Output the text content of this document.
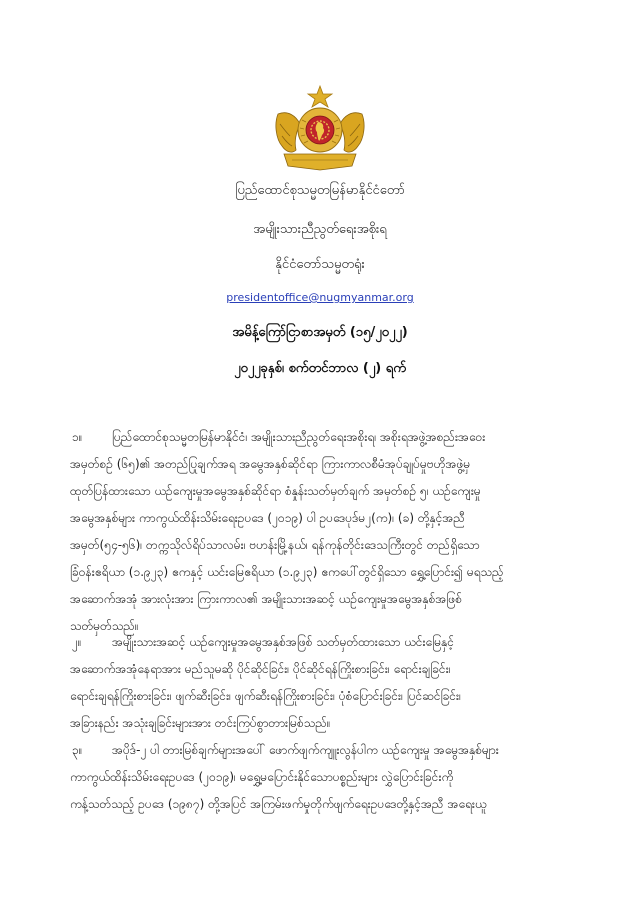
ပြည်ထောင်စုသမ္မတမြန်မာနိုင်ငံတော်
အမျိုးသားညီညွတ်ရေးအစိုးရ
နိုင်ငံတော်သမ္မတရုံး
presidentoffice@nugmyanmar.org
အမိန့်ကြော်ငြာစာအမှတ် (၁၅/၂၀၂၂)
၂၀၂၂ခုနှစ်၊ စက်တင်ဘာလ (၂) ရက်
၁။ ပြည်ထောင်စုသမ္မတမြန်မာနိုင်ငံ၊ အမျိုးသားညီညွတ်ရေးအစိုးရ၊ အစိုးရအဖွဲ့အစည်းအဝေး
အမှတ်စဉ် (၆၅)၏ အတည်ပြုချက်အရ အမွေအနှစ်ဆိုင်ရာ ကြားကာလစီမံအုပ်ချုပ်မှုဗဟိုအဖွဲ့မှ
ထုတ်ပြန်ထားသော ယဉ်ကျေးမှုအမွေအနှစ်ဆိုင်ရာ စံနှုန်းသတ်မှတ်ချက် အမှတ်စဉ် ၅၊ ယဉ်ကျေးမှု
အမွေအနှစ်များ ကာကွယ်ထိန်းသိမ်းရေးဥပဒေ (၂၀၁၉) ပါ ဥပဒေပုဒ်မ၂(က)၊ (ခ) တို့နှင့်အညီ
အမှတ်(၅၄-၅၆)၊ တက္ကသိုလ်ရိပ်သာလမ်း၊ ဗဟန်းမြို့နယ်၊ ရန်ကုန်တိုင်းဒေသကြီးတွင် တည်ရှိသော
ခြံဝန်းဧရိယာ (၁.၉၂၃) ဧကနှင့် ယင်းမြေဧရိယာ (၁.၉၂၃) ဧကပေါ်တွင်ရှိသော ရွှေ့ပြောင်း၍ မရသည့်
အဆောက်အအုံ အားလုံးအား ကြားကာလ၏ အမျိုးသားအဆင့် ယဉ်ကျေးမှုအမွေအနှစ်အဖြစ်
သတ်မှတ်သည်။
၂။	အမျိုးသားအဆင့် ယဉ်ကျေးမှုအမွေအနှစ်အဖြစ် သတ်မှတ်ထားသော ယင်းမြေနှင့်
အဆောက်အအုံနေရာအား မည်သူမဆို ပိုင်ဆိုင်ခြင်း၊ ပိုင်ဆိုင်ရန်ကြိုးစားခြင်း၊ ရောင်းချခြင်း၊
ရောင်းချရန်ကြိုးစားခြင်း၊ ဖျက်ဆီးခြင်း၊ ဖျက်ဆီးရန်ကြိုးစားခြင်း၊ ပုံစံပြောင်းခြင်း၊ ပြင်ဆင်ခြင်း၊
အခြားနည်း အသုံးချခြင်းများအား တင်းကြပ်စွာတားမြစ်သည်။
၃။ အပိုဒ်-၂ ပါ တားမြစ်ချက်များအပေါ် ဖောက်ဖျက်ကျူးလွန်ပါက ယဉ်ကျေးမှု အမွေအနှစ်များ
ကာကွယ်ထိန်းသိမ်းရေးဥပဒေ (၂၀၁၉)၊ မရွှေ့မပြောင်းနိုင်သောပစ္စည်းများ လွှဲပြောင်းခြင်းကို
ကန့်သတ်သည့် ဥပဒေ (၁၉၈၇) တို့အပြင် အကြမ်းဖက်မှုတိုက်ဖျက်ရေးဥပဒေတို့နှင့်အညီ အရေးယူ
